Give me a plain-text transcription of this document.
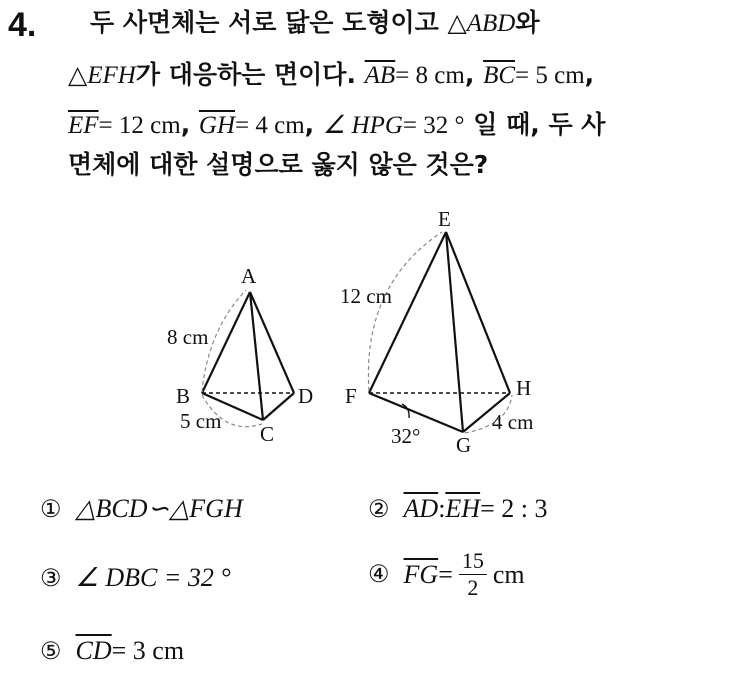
4. 두 사면체는 서로 닮은 도형이고 △ABD와
△EFH가 대응하는 면이다. $\overline{AB}= 8$ cm, $\overline{BC}= 5$ cm,
$\overline{EF}= 12$ cm, $\overline{GH}= 4$ cm, ∠ HPG= 32 ° 일 때, 두 사
면체에 대한 설명으로 옳지 않은 것은?
A
B
C
D
8 cm
5 cm
E
F
G
H
12 cm
4 cm
32°
① △BCD∽△FGH	② $\overline{AD}$ : $\overline{EH} = 2$ : 3
③ ∠ DBC = 32 °	④ $\overline{FG} = \frac{15}{2}$ cm
⑤ $\overline{CD} = 3$ cm
